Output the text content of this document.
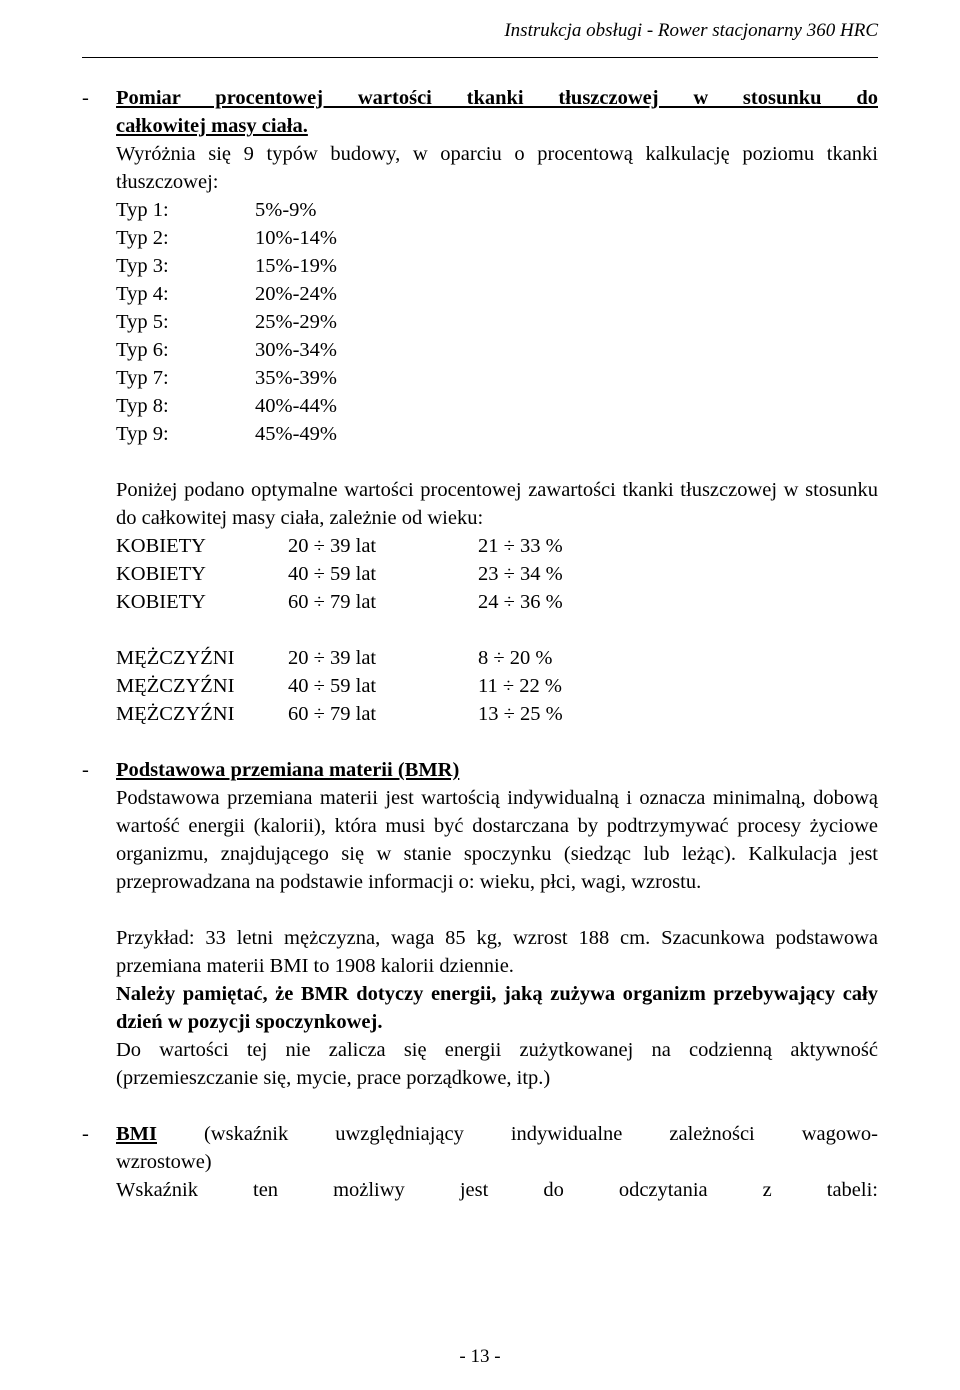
Instrukcja obsługi - Rower stacjonarny 360 HRC
-	Pomiar procentowej wartości tkanki tłuszczowej w stosunku do
całkowitej masy ciała.
Wyróżnia się 9 typów budowy, w oparciu o procentową kalkulację poziomu tkanki tłuszczowej:
Typ 1:	5%-9%
Typ 2:	10%-14%
Typ 3:	15%-19%
Typ 4:	20%-24%
Typ 5:	25%-29%
Typ 6:	30%-34%
Typ 7:	35%-39%
Typ 8:	40%-44%
Typ 9:	45%-49%
Poniżej podano optymalne wartości procentowej zawartości tkanki tłuszczowej w stosunku do całkowitej masy ciała, zależnie od wieku:
KOBIETY	20 ÷ 39 lat	21 ÷ 33 %
KOBIETY	40 ÷ 59 lat	23 ÷ 34 %
KOBIETY	60 ÷ 79 lat	24 ÷ 36 %
MĘŻCZYŹNI	20 ÷ 39 lat	8 ÷ 20 %
MĘŻCZYŹNI	40 ÷ 59 lat	11 ÷ 22 %
MĘŻCZYŹNI	60 ÷ 79 lat	13 ÷ 25 %
-	Podstawowa przemiana materii (BMR)
Podstawowa przemiana materii jest wartością indywidualną i oznacza minimalną, dobową wartość energii (kalorii), która musi być dostarczana by podtrzymywać procesy życiowe organizmu, znajdującego się w stanie spoczynku (siedząc lub leżąc). Kalkulacja jest przeprowadzana na podstawie informacji o: wieku, płci, wagi, wzrostu.
Przykład: 33 letni mężczyzna, waga 85 kg, wzrost 188 cm. Szacunkowa podstawowa przemiana materii BMI to 1908 kalorii dziennie.
Należy pamiętać, że BMR dotyczy energii, jaką zużywa organizm przebywający cały dzień w pozycji spoczynkowej.
Do wartości tej nie zalicza się energii zużytkowanej na codzienną aktywność (przemieszczanie się, mycie, prace porządkowe, itp.)
-	BMI (wskaźnik uwzględniający indywidualne zależności wagowo-
wzrostowe)
Wskaźnik	ten	możliwy	jest	do	odczytania	z	tabeli:
- 13 -
